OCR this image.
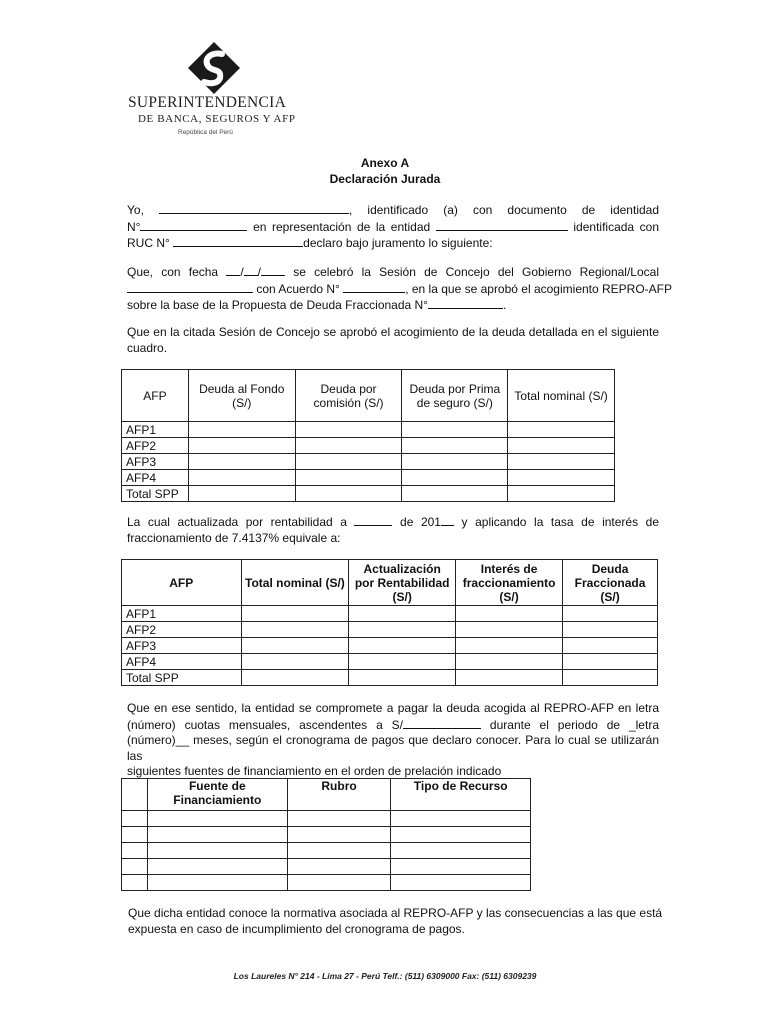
SUPERINTENDENCIA
DE BANCA, SEGUROS Y AFP
República del Perú
Anexo A
Declaración Jurada
Yo,	, identificado (a) con documento de identidad
N°	en representación de la entidad	identificada con
RUC N°	declaro bajo juramento lo siguiente:
Que, con fecha / /	se celebró la Sesión de Concejo del Gobierno Regional/Local
con Acuerdo N°	, en la que se aprobó el acogimiento REPRO-AFP
sobre la base de la Propuesta de Deuda Fraccionada N°	.
Que en la citada Sesión de Concejo se aprobó el acogimiento de la deuda detallada en el siguiente cuadro.
AFP	Deuda al Fondo (S/)	Deuda por comisión (S/)	Deuda por Prima de seguro (S/)	Total nominal (S/)
AFP1				
AFP2				
AFP3				
AFP4				
Total SPP				
La cual actualizada por rentabilidad a	de 201 y aplicando la tasa de interés de
fraccionamiento de 7.4137% equivale a:
AFP	Total nominal (S/)	Actualización por Rentabilidad (S/)	Interés de fraccionamiento (S/)	Deuda Fraccionada (S/)
AFP1				
AFP2				
AFP3				
AFP4				
Total SPP				
Que en ese sentido, la entidad se compromete a pagar la deuda acogida al REPRO-AFP en letra
(número) cuotas mensuales, ascendentes a S/	durante el periodo de _letra
(número)__ meses, según el cronograma de pagos que declaro conocer. Para lo cual se utilizarán las
siguientes fuentes de financiamiento en el orden de prelación indicado
	Fuente de Financiamiento	Rubro	Tipo de Recurso

Que dicha entidad conoce la normativa asociada al REPRO-AFP y las consecuencias a las que está
expuesta en caso de incumplimiento del cronograma de pagos.
Los Laureles N° 214 - Lima 27 - Perú Telf.: (511) 6309000 Fax: (511) 6309239
